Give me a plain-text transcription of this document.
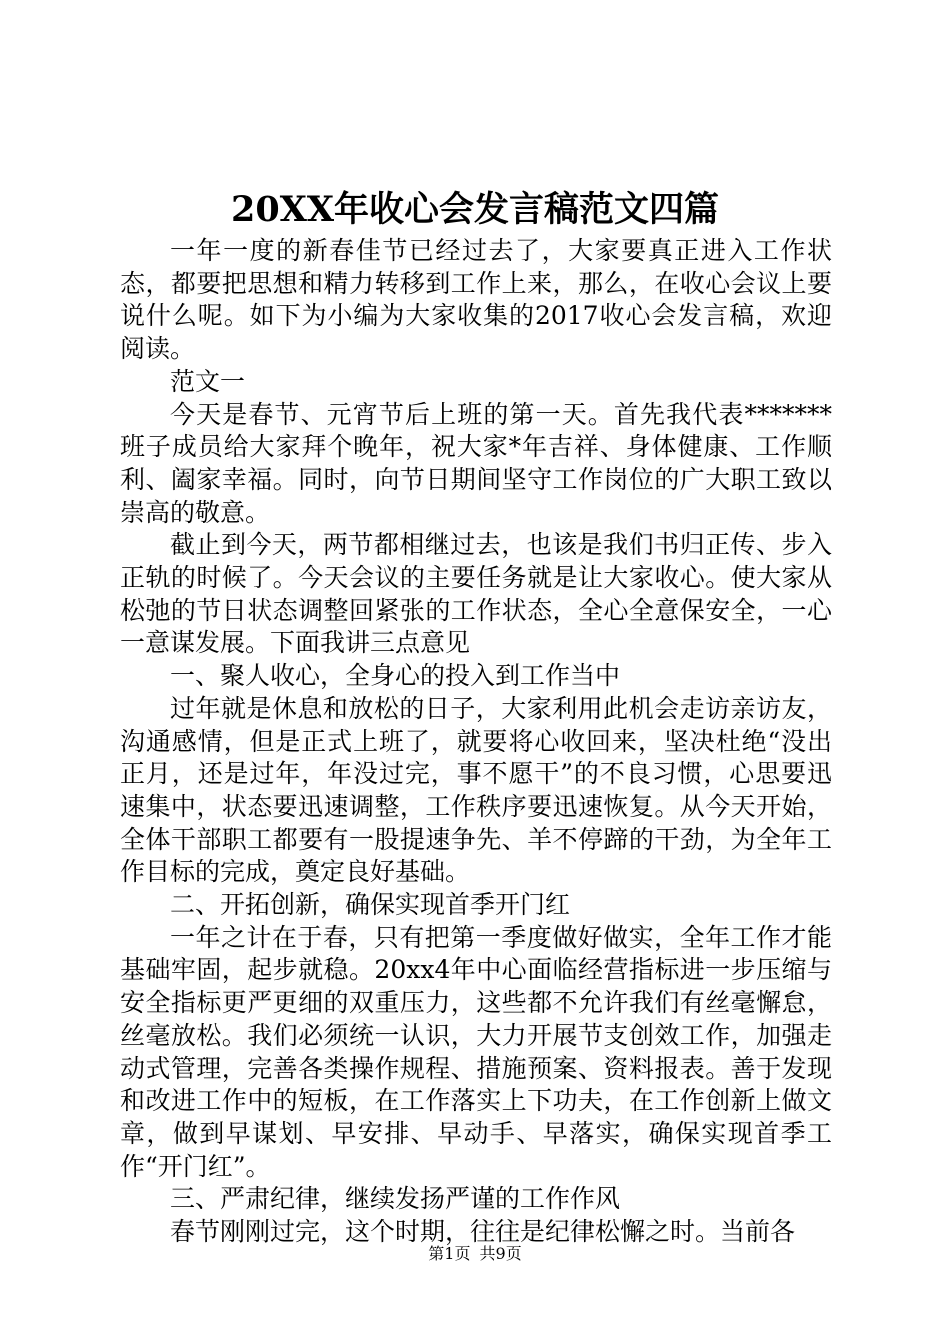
20XX年收心会发言稿范文四篇

一年一度的新春佳节已经过去了，大家要真正进入工作状态，都要把思想和精力转移到工作上来，那么，在收心会议上要说什么呢。如下为小编为大家收集的2017收心会发言稿，欢迎阅读。

范文一

今天是春节、元宵节后上班的第一天。首先我代表*******班子成员给大家拜个晚年，祝大家*年吉祥、身体健康、工作顺利、阖家幸福。同时，向节日期间坚守工作岗位的广大职工致以崇高的敬意。

截止到今天，两节都相继过去，也该是我们书归正传、步入正轨的时候了。今天会议的主要任务就是让大家收心。使大家从松弛的节日状态调整回紧张的工作状态，全心全意保安全，一心一意谋发展。下面我讲三点意见

一、聚人收心，全身心的投入到工作当中

过年就是休息和放松的日子，大家利用此机会走访亲访友，沟通感情，但是正式上班了，就要将心收回来，坚决杜绝“没出正月，还是过年，年没过完，事不愿干”的不良习惯，心思要迅速集中，状态要迅速调整，工作秩序要迅速恢复。从今天开始，全体干部职工都要有一股提速争先、羊不停蹄的干劲，为全年工作目标的完成，奠定良好基础。

二、开拓创新，确保实现首季开门红

一年之计在于春，只有把第一季度做好做实，全年工作才能基础牢固，起步就稳。20xx4年中心面临经营指标进一步压缩与安全指标更严更细的双重压力，这些都不允许我们有丝毫懈怠，丝毫放松。我们必须统一认识，大力开展节支创效工作，加强走动式管理，完善各类操作规程、措施预案、资料报表。善于发现和改进工作中的短板，在工作落实上下功夫，在工作创新上做文章，做到早谋划、早安排、早动手、早落实，确保实现首季工作“开门红”。

三、严肃纪律，继续发扬严谨的工作作风

春节刚刚过完，这个时期，往往是纪律松懈之时。当前各

第1页 共9页
